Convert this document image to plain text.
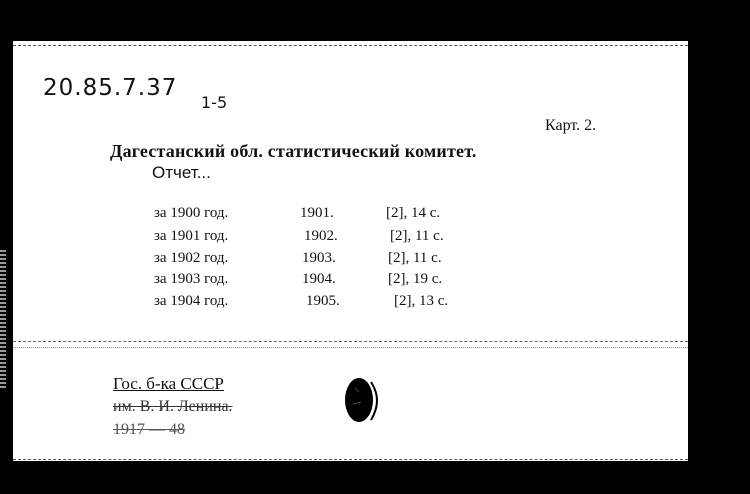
20.85.7.37
1-5
Карт. 2.
Дагестанский обл. статистический комитет.
Отчет...
за 1900 год.	1901.	[2], 14 с.
за 1901 год.	1902.	[2], 11 с.
за 1902 год.	1903.	[2], 11 с.
за 1903 год.	1904.	[2], 19 с.
за 1904 год.	1905.	[2], 13 с.
Гос. б-ка СССР
им. В. И. Ленина.
1917 — 48
